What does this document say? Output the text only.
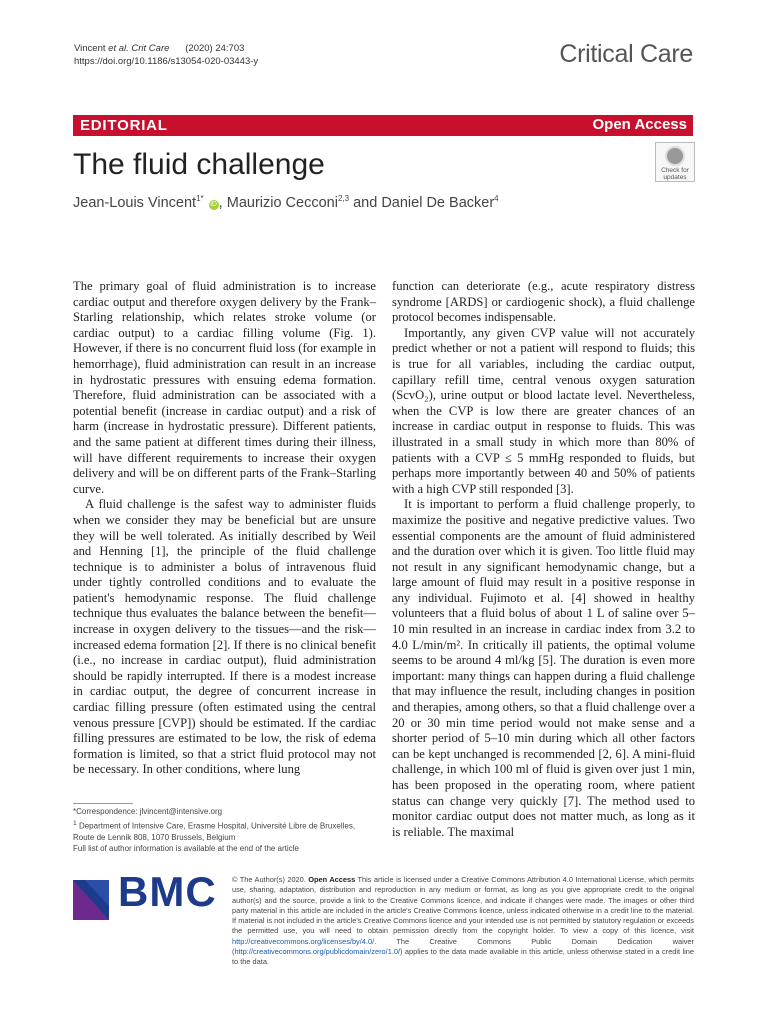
Vincent et al. Crit Care (2020) 24:703
https://doi.org/10.1186/s13054-020-03443-y	Critical Care
EDITORIAL	Open Access
The fluid challenge	Check for
updates
Jean-Louis Vincent$^{1*}$ iD , Maurizio Cecconi$^{2,3}$ and Daniel De Backer$^4$

The primary goal of fluid administration is to increase cardiac output and therefore oxygen delivery by the Frank–Starling relationship, which relates stroke volume (or cardiac output) to a cardiac filling volume (Fig. 1). However, if there is no concurrent fluid loss (for example in hemorrhage), fluid administration can result in an increase in hydrostatic pressures with ensuing edema formation. Therefore, fluid administration can be associated with a potential benefit (increase in cardiac output) and a risk of harm (increase in hydrostatic pressure). Different patients, and the same patient at different times during their illness, will have different requirements to increase their oxygen delivery and will be on different parts of the Frank–Starling curve.

A fluid challenge is the safest way to administer fluids when we consider they may be beneficial but are unsure they will be well tolerated. As initially described by Weil and Henning [1], the principle of the fluid challenge technique is to administer a bolus of intravenous fluid under tightly controlled conditions and to evaluate the patient's hemodynamic response. The fluid challenge technique thus evaluates the balance between the benefit—increase in oxygen delivery to the tissues—and the risk—increased edema formation [2]. If there is no clinical benefit (i.e., no increase in cardiac output), fluid administration should be rapidly interrupted. If there is a modest increase in cardiac output, the degree of concurrent increase in cardiac filling pressure (often estimated using the central venous pressure [CVP]) should be estimated. If the cardiac filling pressures are estimated to be low, the risk of edema formation is limited, so that a strict fluid protocol may not be necessary. In other conditions, where lung

function can deteriorate (e.g., acute respiratory distress syndrome [ARDS] or cardiogenic shock), a fluid challenge protocol becomes indispensable.

Importantly, any given CVP value will not accurately predict whether or not a patient will respond to fluids; this is true for all variables, including the cardiac output, capillary refill time, central venous oxygen saturation (ScvO₂), urine output or blood lactate level. Nevertheless, when the CVP is low there are greater chances of an increase in cardiac output in response to fluids. This was illustrated in a small study in which more than 80% of patients with a CVP ≤ 5 mmHg responded to fluids, but perhaps more importantly between 40 and 50% of patients with a high CVP still responded [3].

It is important to perform a fluid challenge properly, to maximize the positive and negative predictive values. Two essential components are the amount of fluid administered and the duration over which it is given. Too little fluid may not result in any significant hemodynamic change, but a large amount of fluid may result in a positive response in any individual. Fujimoto et al. [4] showed in healthy volunteers that a fluid bolus of about 1 L of saline over 5–10 min resulted in an increase in cardiac index from 3.2 to 4.0 L/min/m². In critically ill patients, the optimal volume seems to be around 4 ml/kg [5]. The duration is even more important: many things can happen during a fluid challenge that may influence the result, including changes in position and therapies, among others, so that a fluid challenge over a 20 or 30 min time period would not make sense and a shorter period of 5–10 min during which all other factors can be kept unchanged is recommended [2, 6]. A mini-fluid challenge, in which 100 ml of fluid is given over just 1 min, has been proposed in the operating room, where patient status can change very quickly [7]. The method used to monitor cardiac output does not matter much, as long as it is reliable. The maximal

*Correspondence: jlvincent@intensive.org
$^1$ Department of Intensive Care, Erasme Hospital, Université Libre de Bruxelles, Route de Lennik 808, 1070 Brussels, Belgium
Full list of author information is available at the end of the article
BMC © The Author(s) 2020. Open Access This article is licensed under a Creative Commons Attribution 4.0 International License, which permits use, sharing, adaptation, distribution and reproduction in any medium or format, as long as you give appropriate credit to the original author(s) and the source, provide a link to the Creative Commons licence, and indicate if changes were made. The images or other third party material in this article are included in the article's Creative Commons licence, unless indicated otherwise in a credit line to the material. If material is not included in the article's Creative Commons licence and your intended use is not permitted by statutory regulation or exceeds the permitted use, you will need to obtain permission directly from the copyright holder. To view a copy of this licence, visit http://creativecommons.org/licenses/by/4.0/. The Creative Commons Public Domain Dedication waiver (http://creativecommons.org/publicdomain/zero/1.0/) applies to the data made available in this article, unless otherwise stated in a credit line to the data.
